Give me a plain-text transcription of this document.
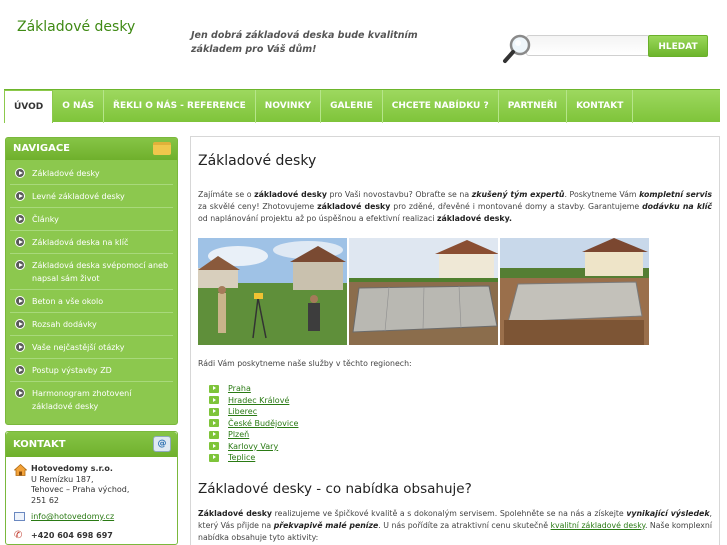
Základové desky
Jen dobrá základová deska bude kvalitním základem pro Váš dům!	HLEDAT
ÚVOD	O NÁS	ŘEKLI O NÁS - REFERENCE	NOVINKY	GALERIE	CHCETE NABÍDKU ?	PARTNEŘI	KONTAKT
NAVIGACE
Základové desky
Levné základové desky
Články
Základová deska na klíč
Základová deska svépomocí aneb napsal sám život
Beton a vše okolo
Rozsah dodávky
Vaše nejčastější otázky
Postup výstavby ZD
Harmonogram zhotovení základové desky
KONTAKT	@
Hotovedomy s.r.o.
U Remízku 187,
Tehovec – Praha východ,
251 62
info@hotovedomy.cz
✆	+420 604 698 697
Základové desky

Zajímáte se o základové desky pro Vaši novostavbu? Obraťte se na zkušený tým expertů. Poskytneme Vám kompletní servis za skvělé ceny! Zhotovujeme základové desky pro zděné, dřevěné i montované domy a stavby. Garantujeme dodávku na klíč od naplánování projektu až po úspěšnou a efektivní realizaci základové desky.

Rádi Vám poskytneme naše služby v těchto regionech:

Praha
Hradec Králové
Liberec
České Budějovice
Plzeň
Karlovy Vary
Teplice
Základové desky - co nabídka obsahuje?

Základové desky realizujeme ve špičkové kvalitě a s dokonalým servisem. Spolehněte se na nás a získejte vynikající výsledek, který Vás přijde na překvapivě malé peníze. U nás pořídíte za atraktivní cenu skutečně kvalitní základové desky. Naše komplexní nabídka obsahuje tyto aktivity:
